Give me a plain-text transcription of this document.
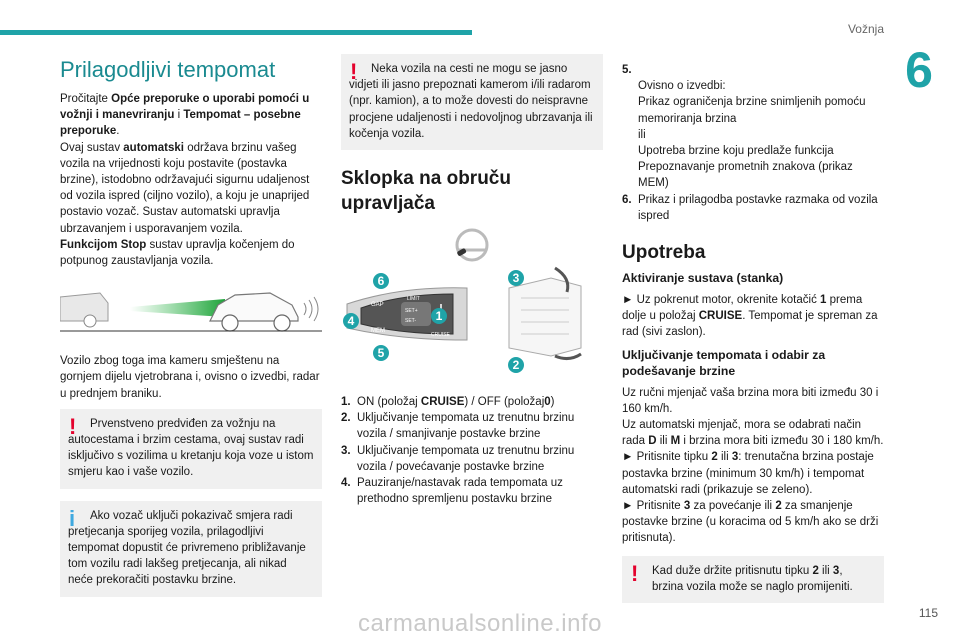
Vožnja
6
115
carmanualsonline.info
Prilagodljivi tempomat
Pročitajte Opće preporuke o uporabi pomoći u vožnji i manevriranju i Tempomat – posebne preporuke.
Ovaj sustav automatski održava brzinu vašeg vozila na vrijednosti koju postavite (postavka brzine), istodobno održavajući sigurnu udaljenost od vozila ispred (ciljno vozilo), a koju je unaprijed postavio vozač. Sustav automatski upravlja ubrzavanjem i usporavanjem vozila.
Funkcijom Stop sustav upravlja kočenjem do potpunog zaustavljanja vozila.
Vozilo zbog toga ima kameru smještenu na gornjem dijelu vjetrobrana i, ovisno o izvedbi, radar u prednjem braniku.
!	Prvenstveno predviđen za vožnju na
autocestama i brzim cestama, ovaj sustav radi isključivo s vozilima u kretanju koja voze u istom smjeru kao i vaše vozilo.
i	Ako vozač uključi pokazivač smjera radi
pretjecanja sporijeg vozila, prilagodljivi tempomat dopustit će privremeno približavanje tom vozilu radi lakšeg pretjecanja, ali nikad neće prekoračiti postavku brzine.
!	Neka vozila na cesti ne mogu se jasno
vidjeti ili jasno prepoznati kamerom i/ili radarom (npr. kamion), a to može dovesti do neispravne procjene udaljenosti i nedovoljnog ubrzavanja ili kočenja vozila.
Sklopka na obruču upravljača
GAP
MEM
LIMIT
SET+
SET-
CRUISE
1
2
3
4
5
6
1. ON (položaj CRUISE) / OFF (položaj0)
2. Uključivanje tempomata uz trenutnu brzinu vozila / smanjivanje postavke brzine
3. Uključivanje tempomata uz trenutnu brzinu vozila / povećavanje postavke brzine
4. Pauziranje/nastavak rada tempomata uz prethodno spremljenu postavku brzine

5.
Ovisno o izvedbi:
Prikaz ograničenja brzine snimljenih pomoću memoriranja brzina
ili
Upotreba brzine koju predlaže funkcija Prepoznavanje prometnih znakova (prikaz MEM)

6. Prikaz i prilagodba postavke razmaka od vozila ispred
Upotreba
Aktiviranje sustava (stanka)
► Uz pokrenut motor, okrenite kotačić 1 prema dolje u položaj CRUISE. Tempomat je spreman za rad (sivi zaslon).
Uključivanje tempomata i odabir za podešavanje brzine
Uz ručni mjenjač vaša brzina mora biti između 30 i 160 km/h.
Uz automatski mjenjač, mora se odabrati način rada D ili M i brzina mora biti između 30 i 180 km/h.
► Pritisnite tipku 2 ili 3: trenutačna brzina postaje postavka brzine (minimum 30 km/h) i tempomat automatski radi (prikazuje se zeleno).
► Pritisnite 3 za povećanje ili 2 za smanjenje postavke brzine (u koracima od 5 km/h ako se drži pritisnuta).
!	Kad duže držite pritisnutu tipku 2 ili 3,
brzina vozila može se naglo promijeniti.
